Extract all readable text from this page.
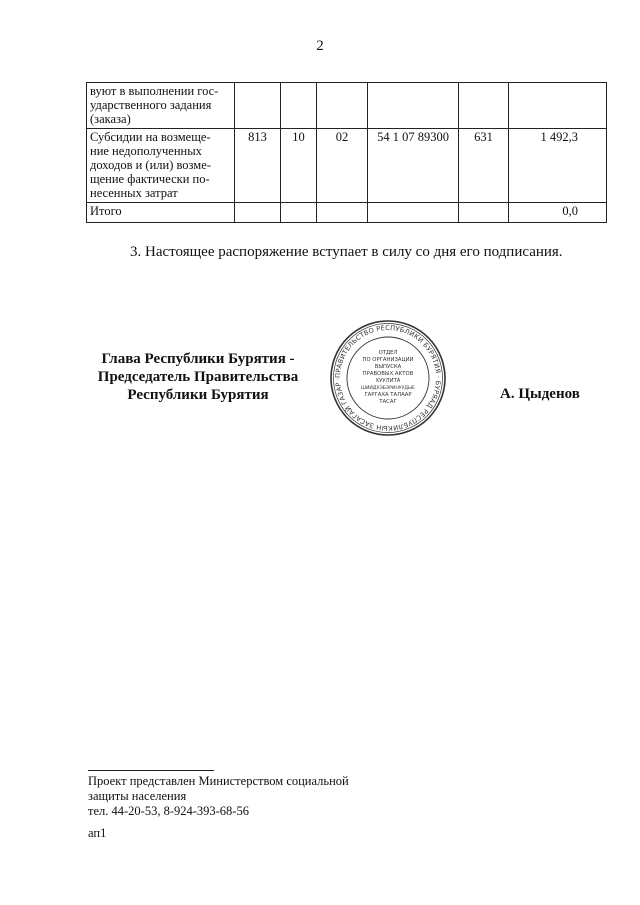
2
вуют в выполнении гос-
ударственного задания
(заказа)						

Субсидии на возмеще-
ние недополученных
доходов и (или) возме-
щение фактически по-
несенных затрат	813	10	02	54 1 07 89300	631	1 492,3

Итого						0,0
3. Настоящее распоряжение вступает в силу со дня его подписания.
Глава Республики Бурятия -
Председатель Правительства
Республики Бурятия
ПРАВИТЕЛЬСТВО РЕСПУБЛИКИ БУРЯТИЯ · БУРЯАД РЕСПУБЛИКЫН ЗАСАГАЙ ГАЗАР ·
ОТДЕЛ
ПО ОРГАНИЗАЦИИ
ВЫПУСКА
ПРАВОВЫХ АКТОВ
ХУУЛИТА
ШИИДХЭБЭРИНУУДЫЕ
ГАРГАХА ТАЛААР
ТАСАГ	А. Цыденов
Проект представлен Министерством социальной
защиты населения
тел. 44-20-53, 8-924-393-68-56
ап1
